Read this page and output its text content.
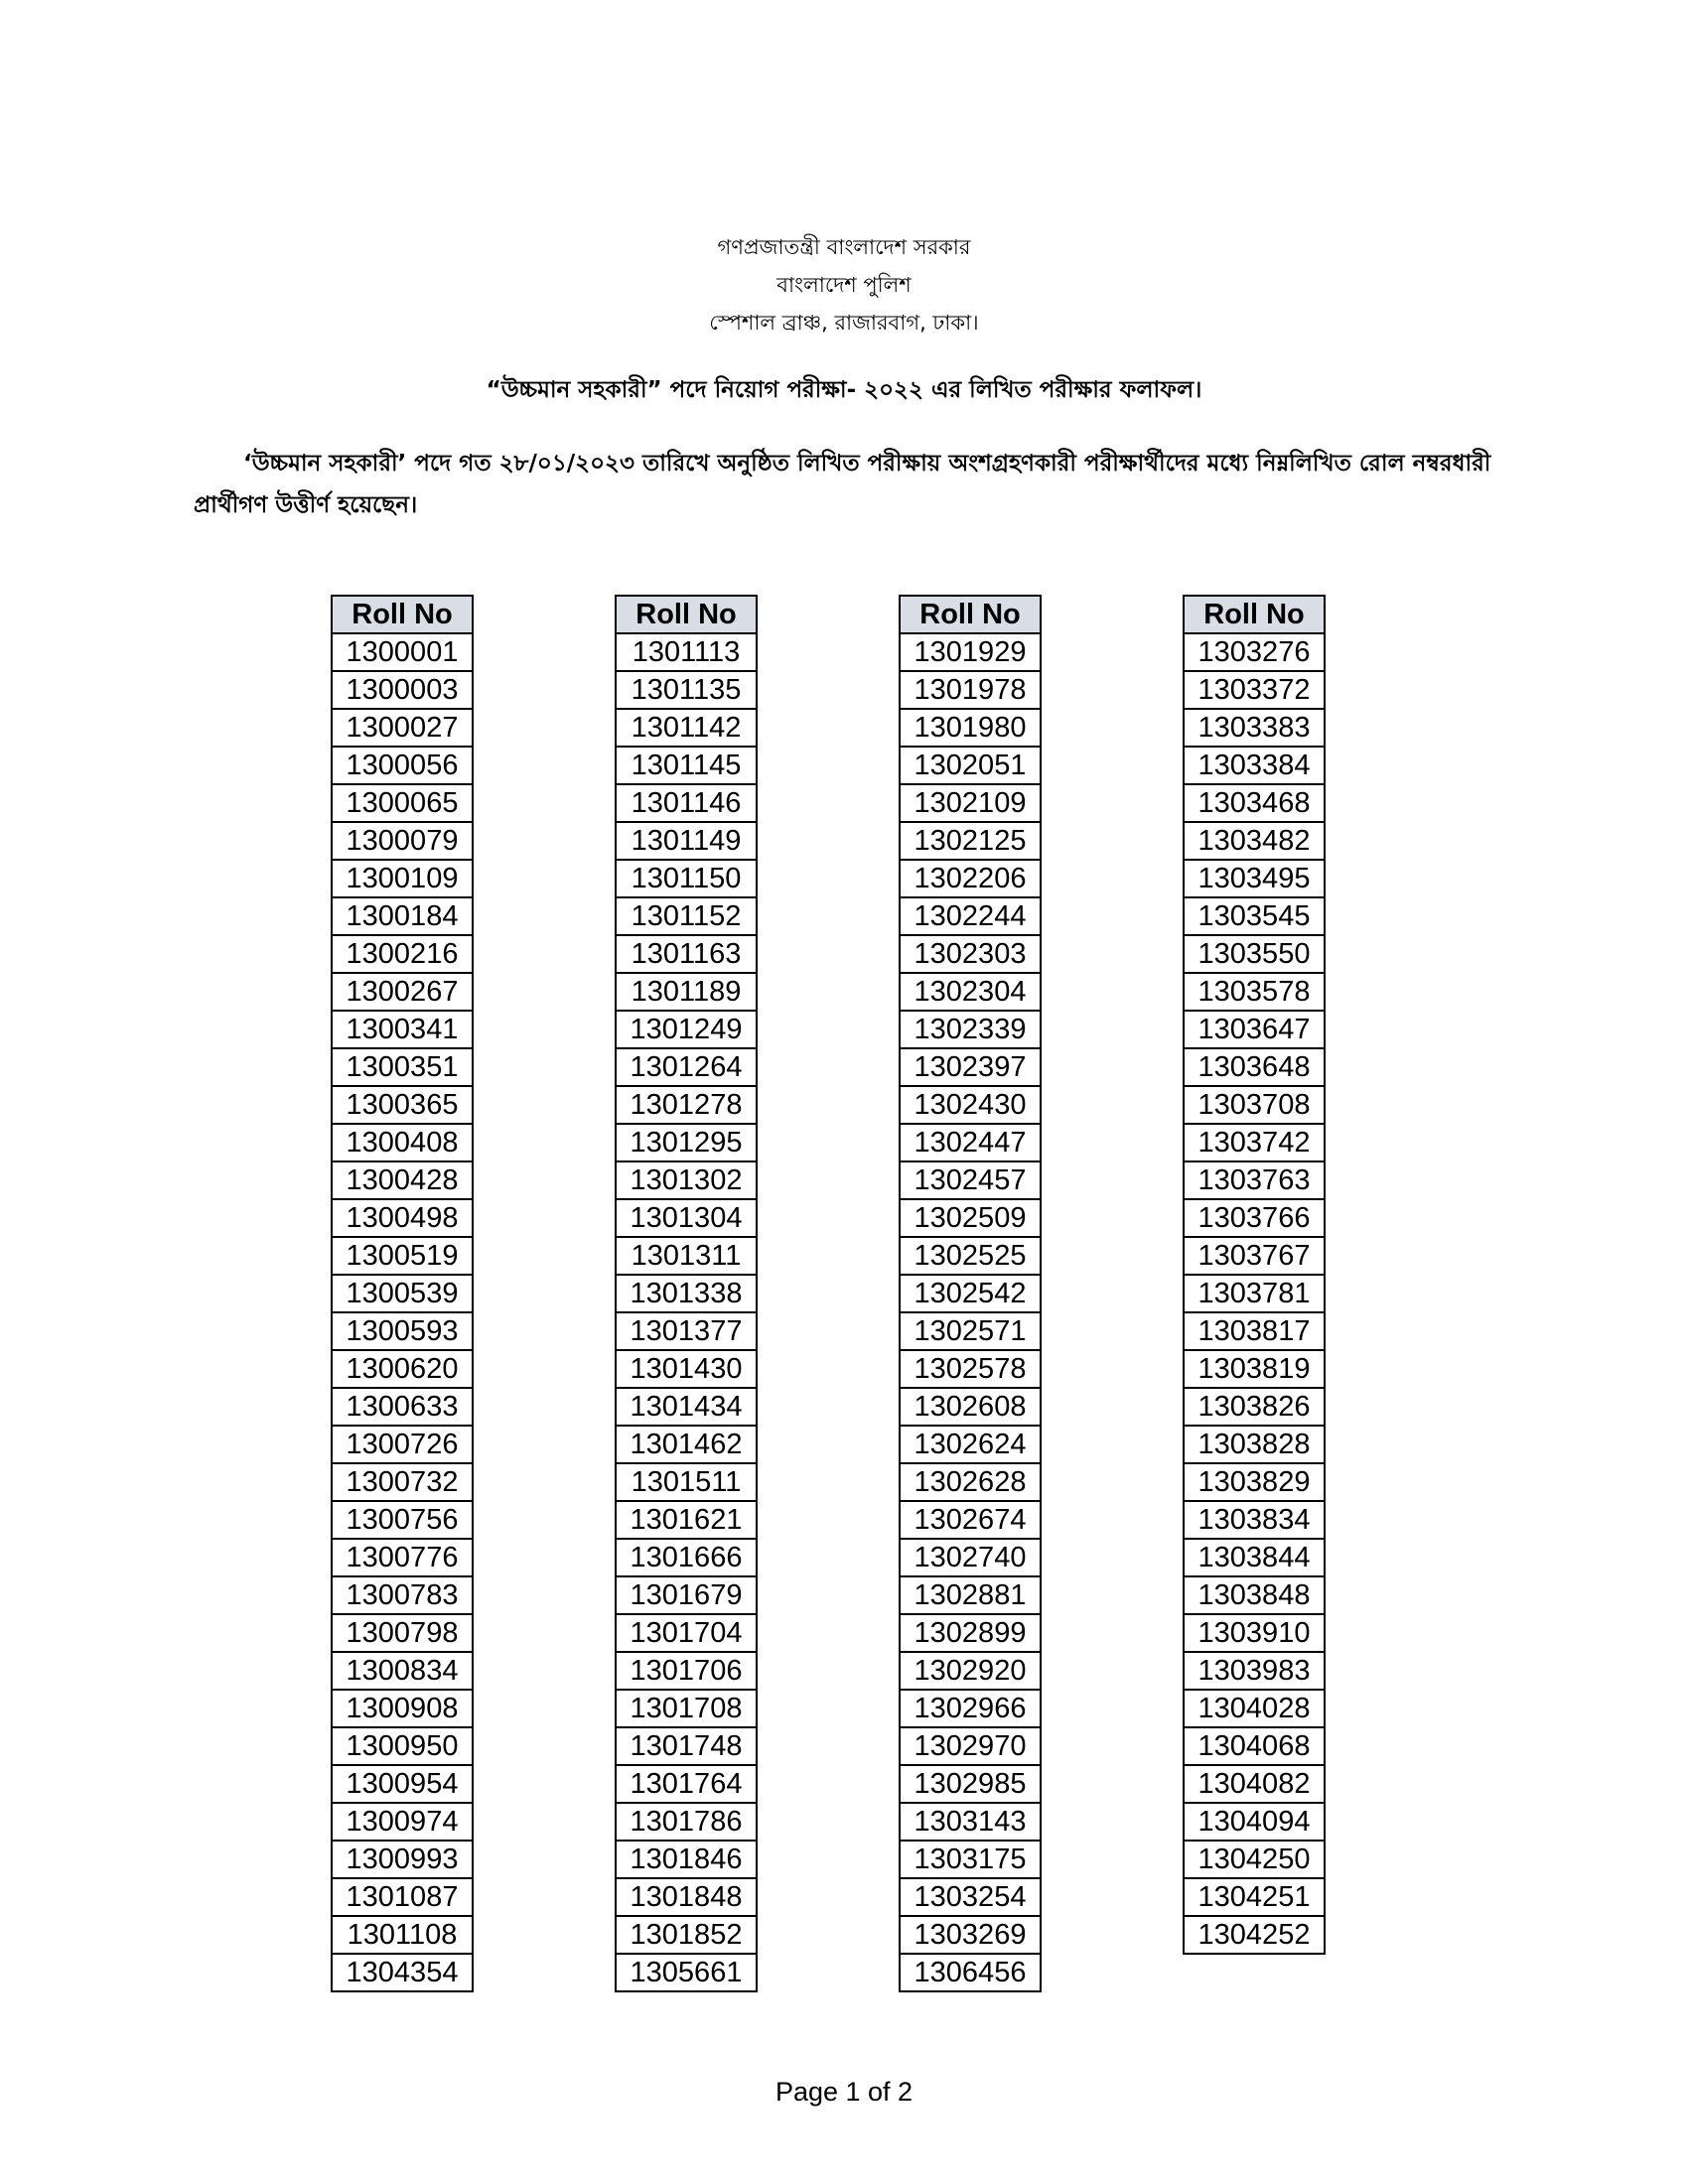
গণপ্রজাতন্ত্রী বাংলাদেশ সরকার
বাংলাদেশ পুলিশ
স্পেশাল ব্রাঞ্চ, রাজারবাগ, ঢাকা।
“উচ্চমান সহকারী” পদে নিয়োগ পরীক্ষা- ২০২২ এর লিখিত পরীক্ষার ফলাফল।
‘উচ্চমান সহকারী’ পদে গত ২৮/০১/২০২৩ তারিখে অনুষ্ঠিত লিখিত পরীক্ষায় অংশগ্রহণকারী পরীক্ষার্থীদের মধ্যে নিম্নলিখিত রোল নম্বরধারী প্রার্থীগণ উত্তীর্ণ হয়েছেন।
Roll No
1300001
1300003
1300027
1300056
1300065
1300079
1300109
1300184
1300216
1300267
1300341
1300351
1300365
1300408
1300428
1300498
1300519
1300539
1300593
1300620
1300633
1300726
1300732
1300756
1300776
1300783
1300798
1300834
1300908
1300950
1300954
1300974
1300993
1301087
1301108
1304354
Roll No
1301113
1301135
1301142
1301145
1301146
1301149
1301150
1301152
1301163
1301189
1301249
1301264
1301278
1301295
1301302
1301304
1301311
1301338
1301377
1301430
1301434
1301462
1301511
1301621
1301666
1301679
1301704
1301706
1301708
1301748
1301764
1301786
1301846
1301848
1301852
1305661
Roll No
1301929
1301978
1301980
1302051
1302109
1302125
1302206
1302244
1302303
1302304
1302339
1302397
1302430
1302447
1302457
1302509
1302525
1302542
1302571
1302578
1302608
1302624
1302628
1302674
1302740
1302881
1302899
1302920
1302966
1302970
1302985
1303143
1303175
1303254
1303269
1306456
Roll No
1303276
1303372
1303383
1303384
1303468
1303482
1303495
1303545
1303550
1303578
1303647
1303648
1303708
1303742
1303763
1303766
1303767
1303781
1303817
1303819
1303826
1303828
1303829
1303834
1303844
1303848
1303910
1303983
1304028
1304068
1304082
1304094
1304250
1304251
1304252
Page 1 of 2
